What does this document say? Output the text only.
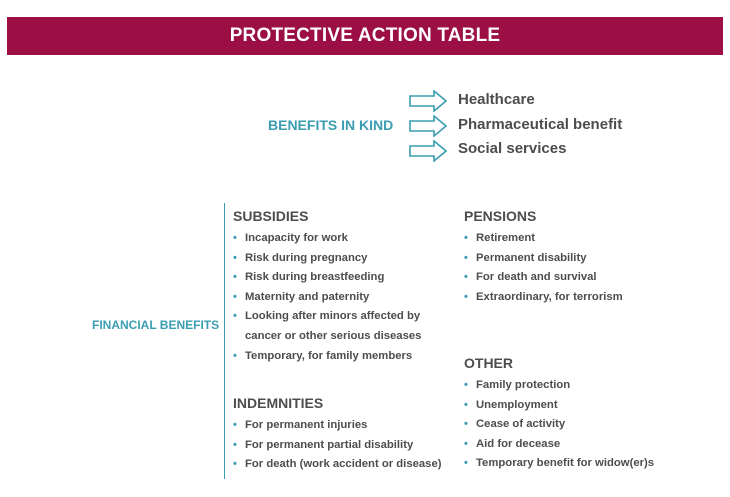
PROTECTIVE ACTION TABLE
BENEFITS IN KIND
Healthcare
Pharmaceutical benefit
Social services
FINANCIAL BENEFITS
SUBSIDIES
• Incapacity for work
• Risk during pregnancy
• Risk during breastfeeding
• Maternity and paternity
• Looking after minors affected by cancer or other serious diseases
• Temporary, for family members
INDEMNITIES
• For permanent injuries
• For permanent partial disability
• For death (work accident or disease)
PENSIONS
• Retirement
• Permanent disability
• For death and survival
• Extraordinary, for terrorism
OTHER
• Family protection
• Unemployment
• Cease of activity
• Aid for decease
• Temporary benefit for widow(er)s
